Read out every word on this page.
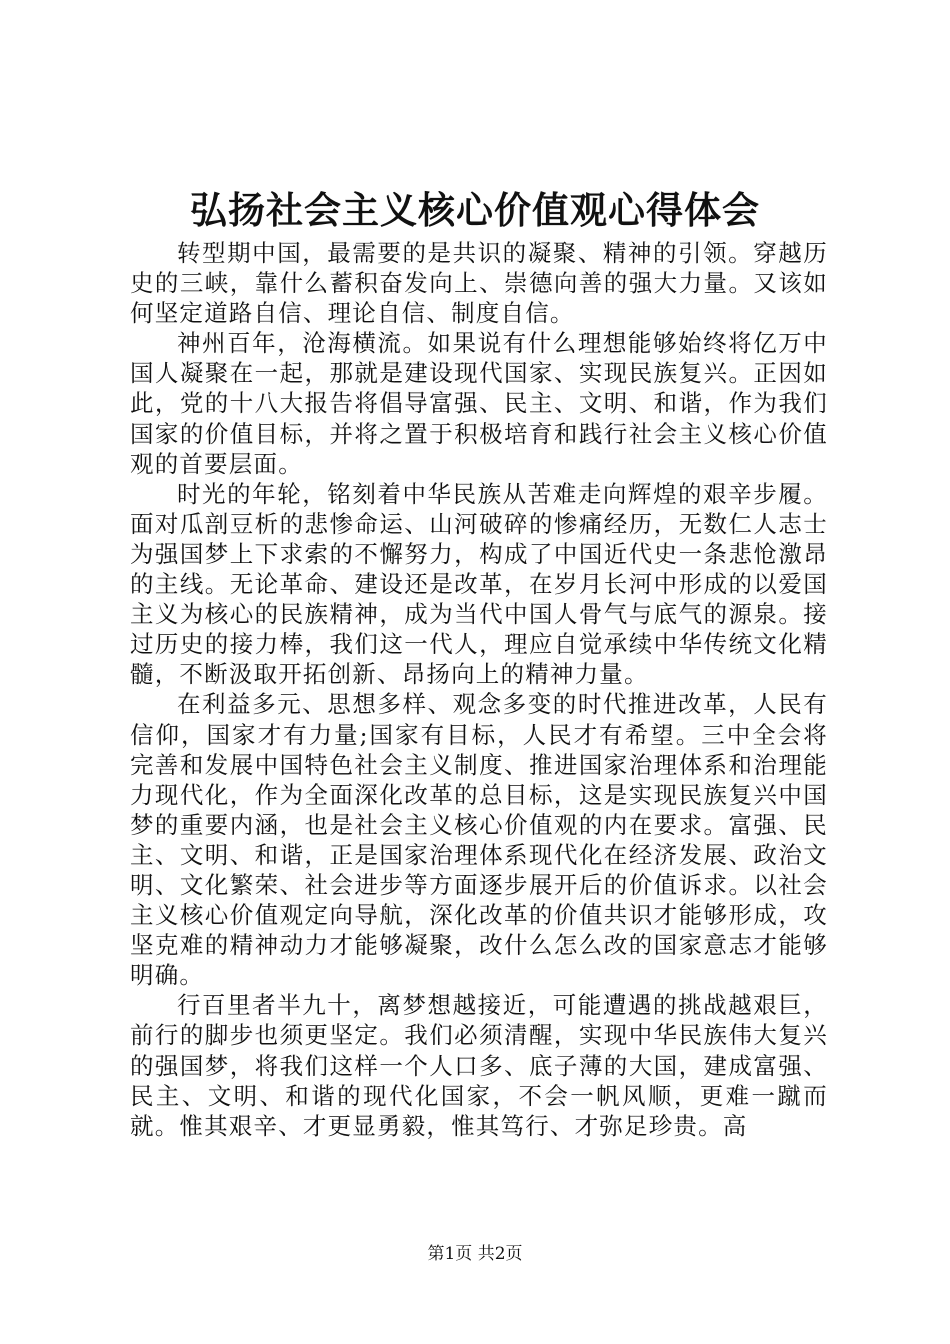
弘扬社会主义核心价值观心得体会

转型期中国，最需要的是共识的凝聚、精神的引领。穿越历史的三峡，靠什么蓄积奋发向上、崇德向善的强大力量。又该如何坚定道路自信、理论自信、制度自信。

神州百年，沧海横流。如果说有什么理想能够始终将亿万中国人凝聚在一起，那就是建设现代国家、实现民族复兴。正因如此，党的十八大报告将倡导富强、民主、文明、和谐，作为我们国家的价值目标，并将之置于积极培育和践行社会主义核心价值观的首要层面。

时光的年轮，铭刻着中华民族从苦难走向辉煌的艰辛步履。面对瓜剖豆析的悲惨命运、山河破碎的惨痛经历，无数仁人志士为强国梦上下求索的不懈努力，构成了中国近代史一条悲怆激昂的主线。无论革命、建设还是改革，在岁月长河中形成的以爱国主义为核心的民族精神，成为当代中国人骨气与底气的源泉。接过历史的接力棒，我们这一代人，理应自觉承续中华传统文化精髓，不断汲取开拓创新、昂扬向上的精神力量。

在利益多元、思想多样、观念多变的时代推进改革，人民有信仰，国家才有力量;国家有目标，人民才有希望。三中全会将完善和发展中国特色社会主义制度、推进国家治理体系和治理能力现代化，作为全面深化改革的总目标，这是实现民族复兴中国梦的重要内涵，也是社会主义核心价值观的内在要求。富强、民主、文明、和谐，正是国家治理体系现代化在经济发展、政治文明、文化繁荣、社会进步等方面逐步展开后的价值诉求。以社会主义核心价值观定向导航，深化改革的价值共识才能够形成，攻坚克难的精神动力才能够凝聚，改什么怎么改的国家意志才能够明确。

行百里者半九十，离梦想越接近，可能遭遇的挑战越艰巨，前行的脚步也须更坚定。我们必须清醒，实现中华民族伟大复兴的强国梦，将我们这样一个人口多、底子薄的大国，建成富强、民主、文明、和谐的现代化国家，不会一帆风顺，更难一蹴而就。惟其艰辛、才更显勇毅，惟其笃行、才弥足珍贵。高

第1页 共2页
